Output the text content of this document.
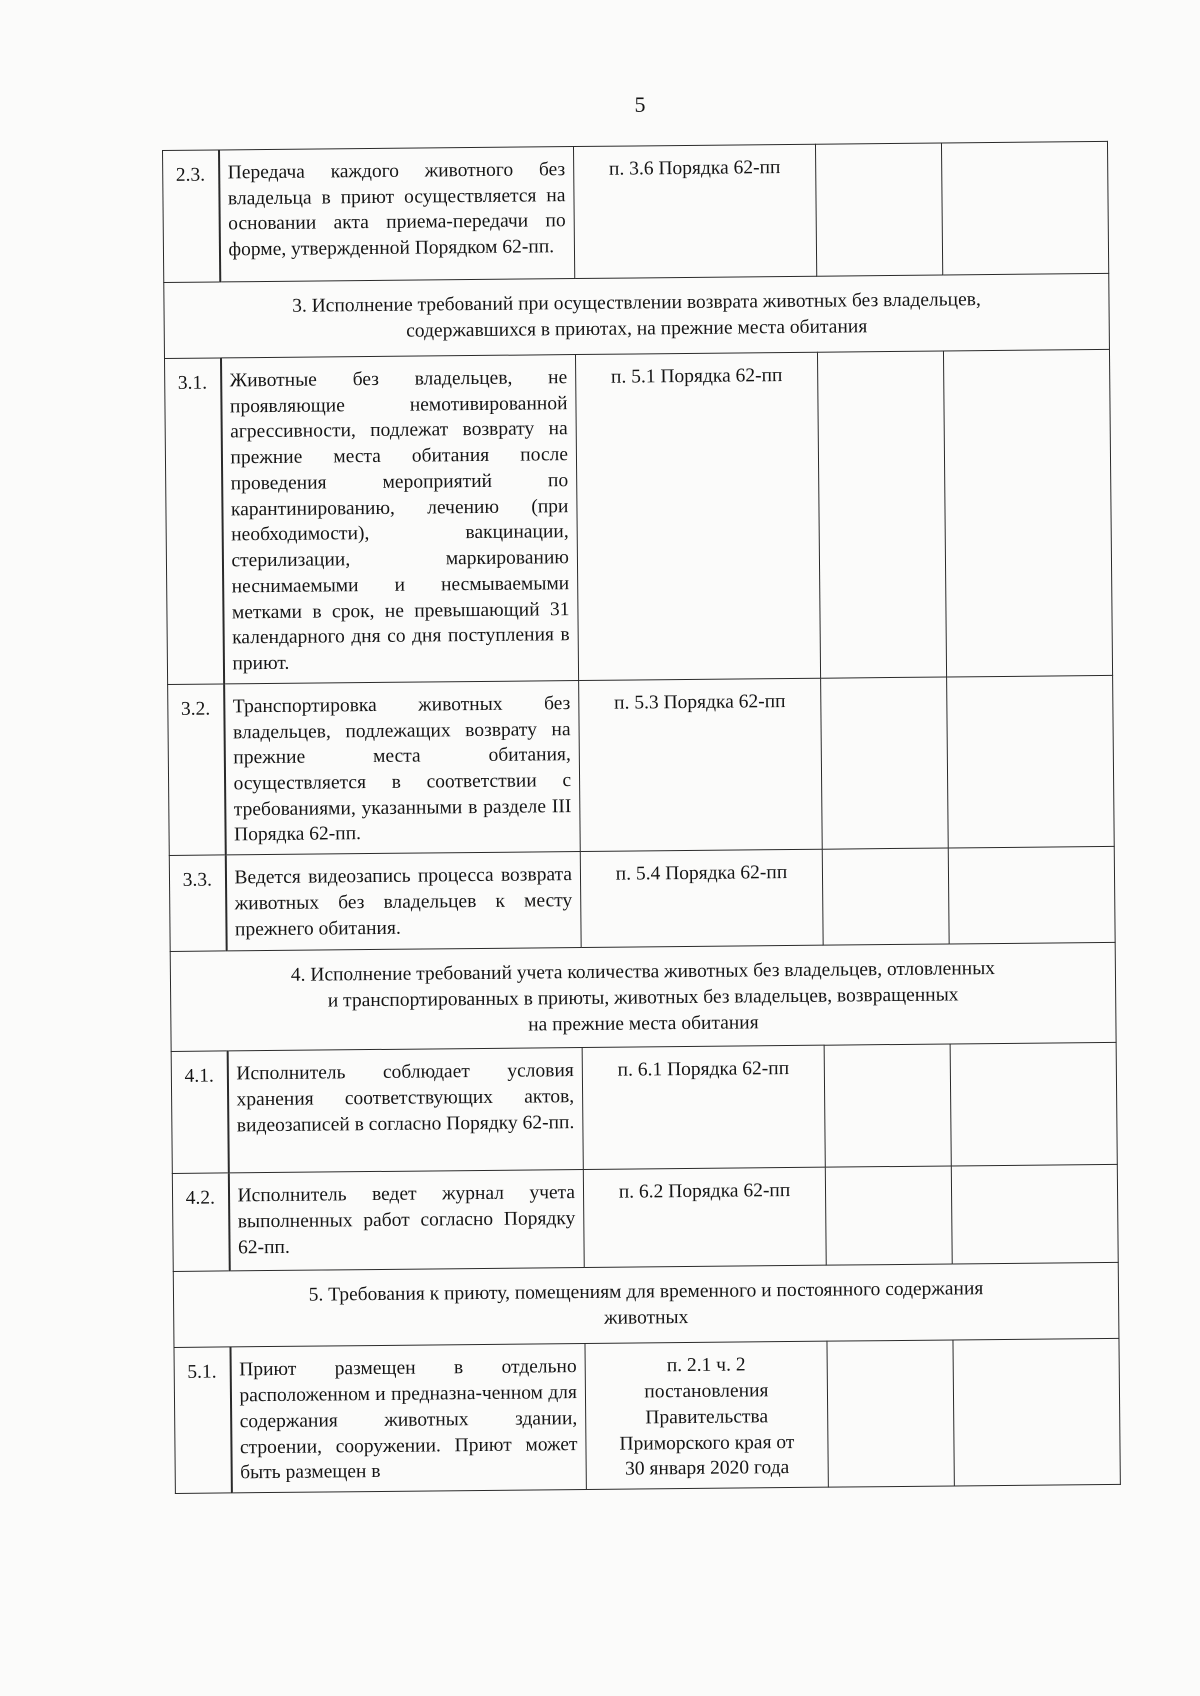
5
2.3.	Передача каждого животного без владельца в приют осуществляется на основании акта приема-передачи по форме, утвержденной Порядком 62-пп.	п. 3.6 Порядка 62-пп		

3. Исполнение требований при осуществлении возврата животных без владельцев,
содержавшихся в приютах, на прежние места обитания				

3.1.	Животные без владельцев, не проявляющие немотивированной агрессивности, подлежат возврату на прежние места обитания после проведения мероприятий по карантинированию, лечению (при необходимости), вакцинации, стерилизации, маркированию неснимаемыми и несмываемыми метками в срок, не превышающий 31 календарного дня со дня поступления в приют.	п. 5.1 Порядка 62-пп		

3.2.	Транспортировка животных без владельцев, подлежащих возврату на прежние места обитания, осуществляется в соответствии с требованиями, указанными в разделе III Порядка 62-пп.	п. 5.3 Порядка 62-пп		

3.3.	Ведется видеозапись процесса возврата животных без владельцев к месту прежнего обитания.	п. 5.4 Порядка 62-пп		

4. Исполнение требований учета количества животных без владельцев, отловленных
и транспортированных в приюты, животных без владельцев, возвращенных
на прежние места обитания				

4.1.	Исполнитель соблюдает условия хранения соответствующих актов, видеозаписей в согласно Порядку 62-пп.	п. 6.1 Порядка 62-пп		

4.2.	Исполнитель ведет журнал учета выполненных работ согласно Порядку 62-пп.	п. 6.2 Порядка 62-пп		

5. Требования к приюту, помещениям для временного и постоянного содержания
животных				

5.1.	Приют размещен в отдельно расположенном и предназна-ченном для содержания животных здании, строении, сооружении. Приют может быть размещен в	п. 2.1 ч. 2
постановления
Правительства
Приморского края от
30 января 2020 года		
